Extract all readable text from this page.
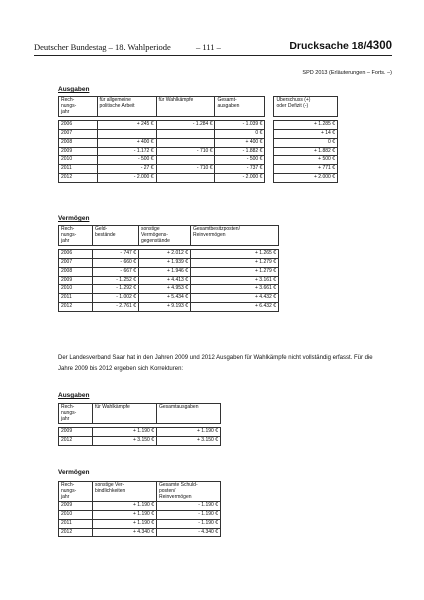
Deutscher Bundestag – 18. Wahlperiode	– 111 –	Drucksache 18/4300
SPD 2013 (Erläuterungen – Forts. –)
Ausgaben
Rech-
nungs-
jahr	für allgemeine
politische Arbeit	für Wahlkämpfe	Gesamt-
ausgaben		Überschuss (+)
oder Defizit (-)

2006	+ 245 €	- 1.284 €	- 1.039 €		+ 1.285 €
2007			0 €		+ 14 €
2008	+ 400 €		+ 400 €		0 €
2009	- 1.172 €	- 710 €	- 1.882 €		+ 1.882 €
2010	- 500 €		- 500 €		+ 500 €
2011	- 27 €	- 710 €	- 737 €		+ 771 €
2012	- 2.000 €		- 2.000 €		+ 2.000 €
Vermögen
Rech-
nungs-
jahr	Geld-
bestände	sonstige
Vermögens-
gegenstände	Gesamtbesitzposten/
Reinvermögen

2006	- 747 €	+ 2.012 €	+ 1.265 €
2007	- 660 €	+ 1.939 €	+ 1.279 €
2008	- 667 €	+ 1.946 €	+ 1.279 €
2009	- 1.252 €	+ 4.413 €	+ 3.161 €
2010	- 1.292 €	+ 4.953 €	+ 3.661 €
2011	- 1.002 €	+ 5.434 €	+ 4.432 €
2012	- 2.761 €	+ 9.193 €	+ 6.432 €

Der Landesverband Saar hat in den Jahren 2009 und 2012 Ausgaben für Wahlkämpfe nicht vollständig erfasst. Für die Jahre 2009 bis 2012 ergeben sich Korrekturen:

Ausgaben
Rech-
nungs-
jahr	für Wahlkämpfe	Gesamtausgaben

2009	+ 1.190 €	+ 1.190 €
2012	+ 3.150 €	+ 3.150 €
Vermögen
Rech-
nungs-
jahr	sonstige Ver-
bindlichkeiten	Gesamte Schuld-
posten/
Reinvermögen
2009	+ 1.190 €	- 1.190 €
2010	+ 1.190 €	- 1.190 €
2011	+ 1.190 €	- 1.190 €
2012	+ 4.340 €	- 4.340 €
